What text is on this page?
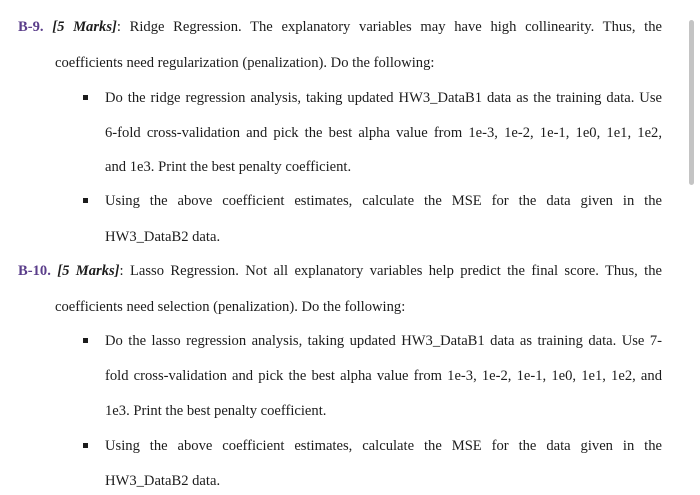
B-9. [5 Marks]: Ridge Regression. The explanatory variables may have high collinearity. Thus, the
coefficients need regularization (penalization). Do the following:
Do the ridge regression analysis, taking updated HW3_DataB1 data as the training data. Use
6-fold cross-validation and pick the best alpha value from 1e-3, 1e-2, 1e-1, 1e0, 1e1, 1e2,
and 1e3. Print the best penalty coefficient.
Using the above coefficient estimates, calculate the MSE for the data given in the
HW3_DataB2 data.
B-10. [5 Marks]: Lasso Regression. Not all explanatory variables help predict the final score. Thus, the
coefficients need selection (penalization). Do the following:
Do the lasso regression analysis, taking updated HW3_DataB1 data as training data. Use 7-
fold cross-validation and pick the best alpha value from 1e-3, 1e-2, 1e-1, 1e0, 1e1, 1e2, and
1e3. Print the best penalty coefficient.
Using the above coefficient estimates, calculate the MSE for the data given in the
HW3_DataB2 data.
